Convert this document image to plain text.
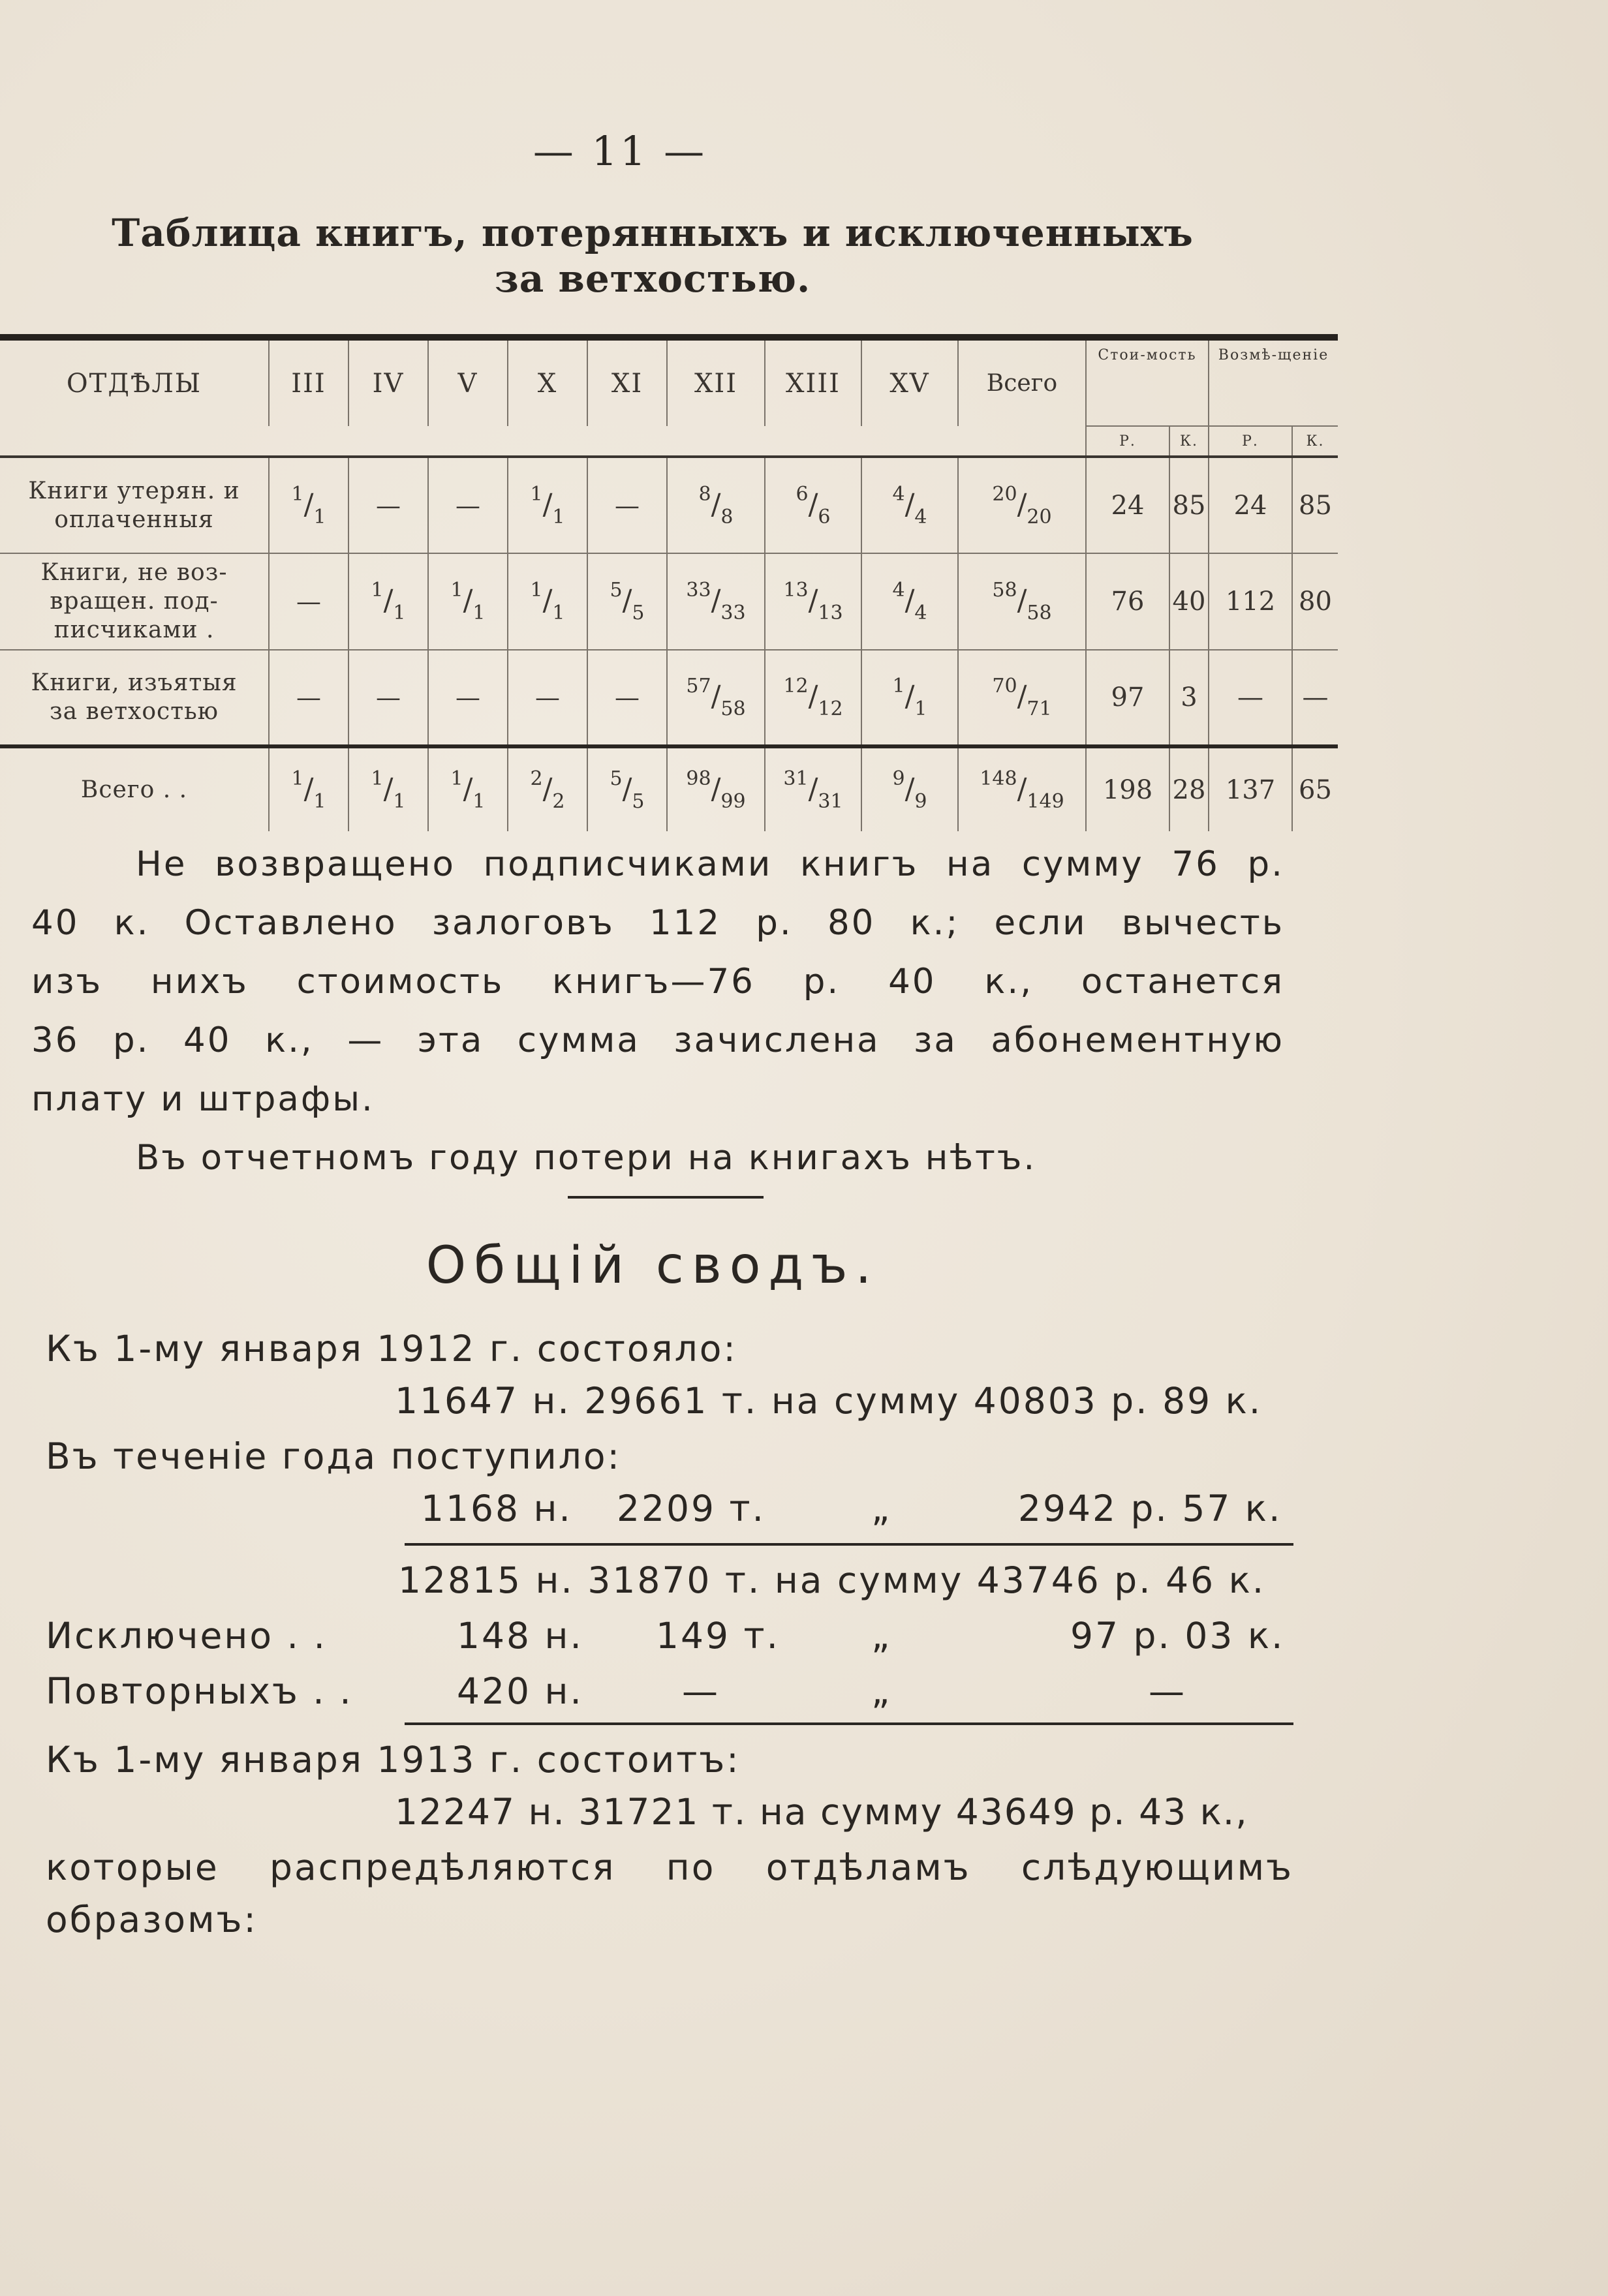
— 11 —
Таблица книгъ, потерянныхъ и исключенныхъ
за ветхостью.
ОТДѢЛЫ	III	IV	V	X	XI	XII	XIII	XV	Всего	Стои-мость		Возмѣ-щеніе	
										Р.	К.	Р.	К.

Книги утерян. и
оплаченныя	$^1/_1$	—	—	$^1/_1$	—	$^8/_8$	$^6/_6$	$^4/_4$	$^{20}/_{20}$	24	85	24	85

Книги, не воз-
вращен. под-
писчиками .	—	$^1/_1$	$^1/_1$	$^1/_1$	$^5/_5$	$^{33}/_{33}$	$^{13}/_{13}$	$^4/_4$	$^{58}/_{58}$	76	40	112	80

Книги, изъятыя
за ветхостью	—	—	—	—	—	$^{57}/_{58}$	$^{12}/_{12}$	$^1/_1$	$^{70}/_{71}$	97	3	—	—
Всего . .	$^1/_1$	$^1/_1$	$^1/_1$	$^2/_2$	$^5/_5$	$^{98}/_{99}$	$^{31}/_{31}$	$^9/_9$	$^{148}/_{149}$	198	28	137	65
Не возвращено подписчиками книгъ на сумму 76 р.
40 к. Оставлено залоговъ 112 р. 80 к.; если вычесть
изъ нихъ стоимость книгъ—76 р. 40 к., останется
36 р. 40 к., — эта сумма зачислена за абонементную
плату и штрафы.
Въ отчетномъ году потери на книгахъ нѣтъ.
Общій сводъ.
Къ 1-му января 1912 г. состояло:
11647 н. 29661 т. на сумму 40803 р. 89 к.
Въ теченіе года поступило:
1168 н. 2209 т.	„	2942 р. 57 к.
12815 н. 31870 т. на сумму 43746 р. 46 к.
Исключено . .	148 н. 149 т.	„	97 р. 03 к.
Повторныхъ . .	420 н.	—	„	—
Къ 1-му января 1913 г. состоитъ:
12247 н. 31721 т. на сумму 43649 р. 43 к.,
которые распредѣляются по отдѣламъ слѣдующимъ
образомъ:
